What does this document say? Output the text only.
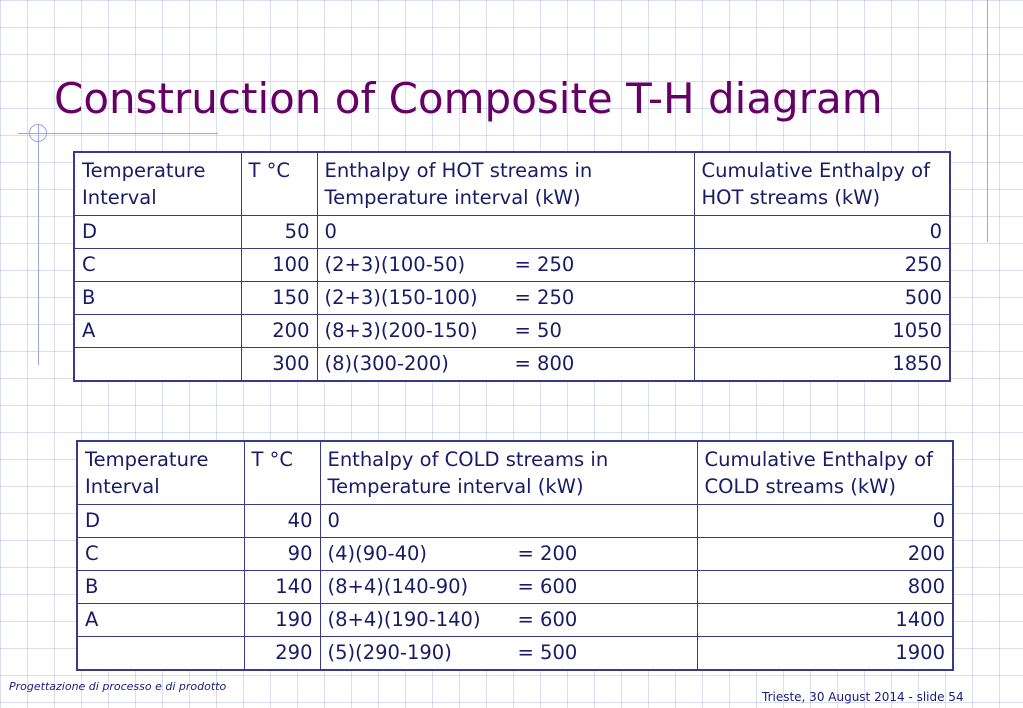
Construction of Composite T-H diagram
Temperature Interval	T °C	Enthalpy of HOT streams in Temperature interval (kW)	Cumulative Enthalpy of HOT streams (kW)
D	50	0	0
C	100	(2+3)(100-50) = 250	250
B	150	(2+3)(150-100) = 250	500
A	200	(8+3)(200-150) = 50	1050
	300	(8)(300-200) = 800	1850
Temperature Interval	T °C	Enthalpy of COLD streams in Temperature interval (kW)	Cumulative Enthalpy of COLD streams (kW)
D	40	0	0
C	90	(4)(90-40) = 200	200
B	140	(8+4)(140-90) = 600	800
A	190	(8+4)(190-140) = 600	1400
	290	(5)(290-190) = 500	1900
Progettazione di processo e di prodotto
Trieste, 30 August 2014 - slide 54
